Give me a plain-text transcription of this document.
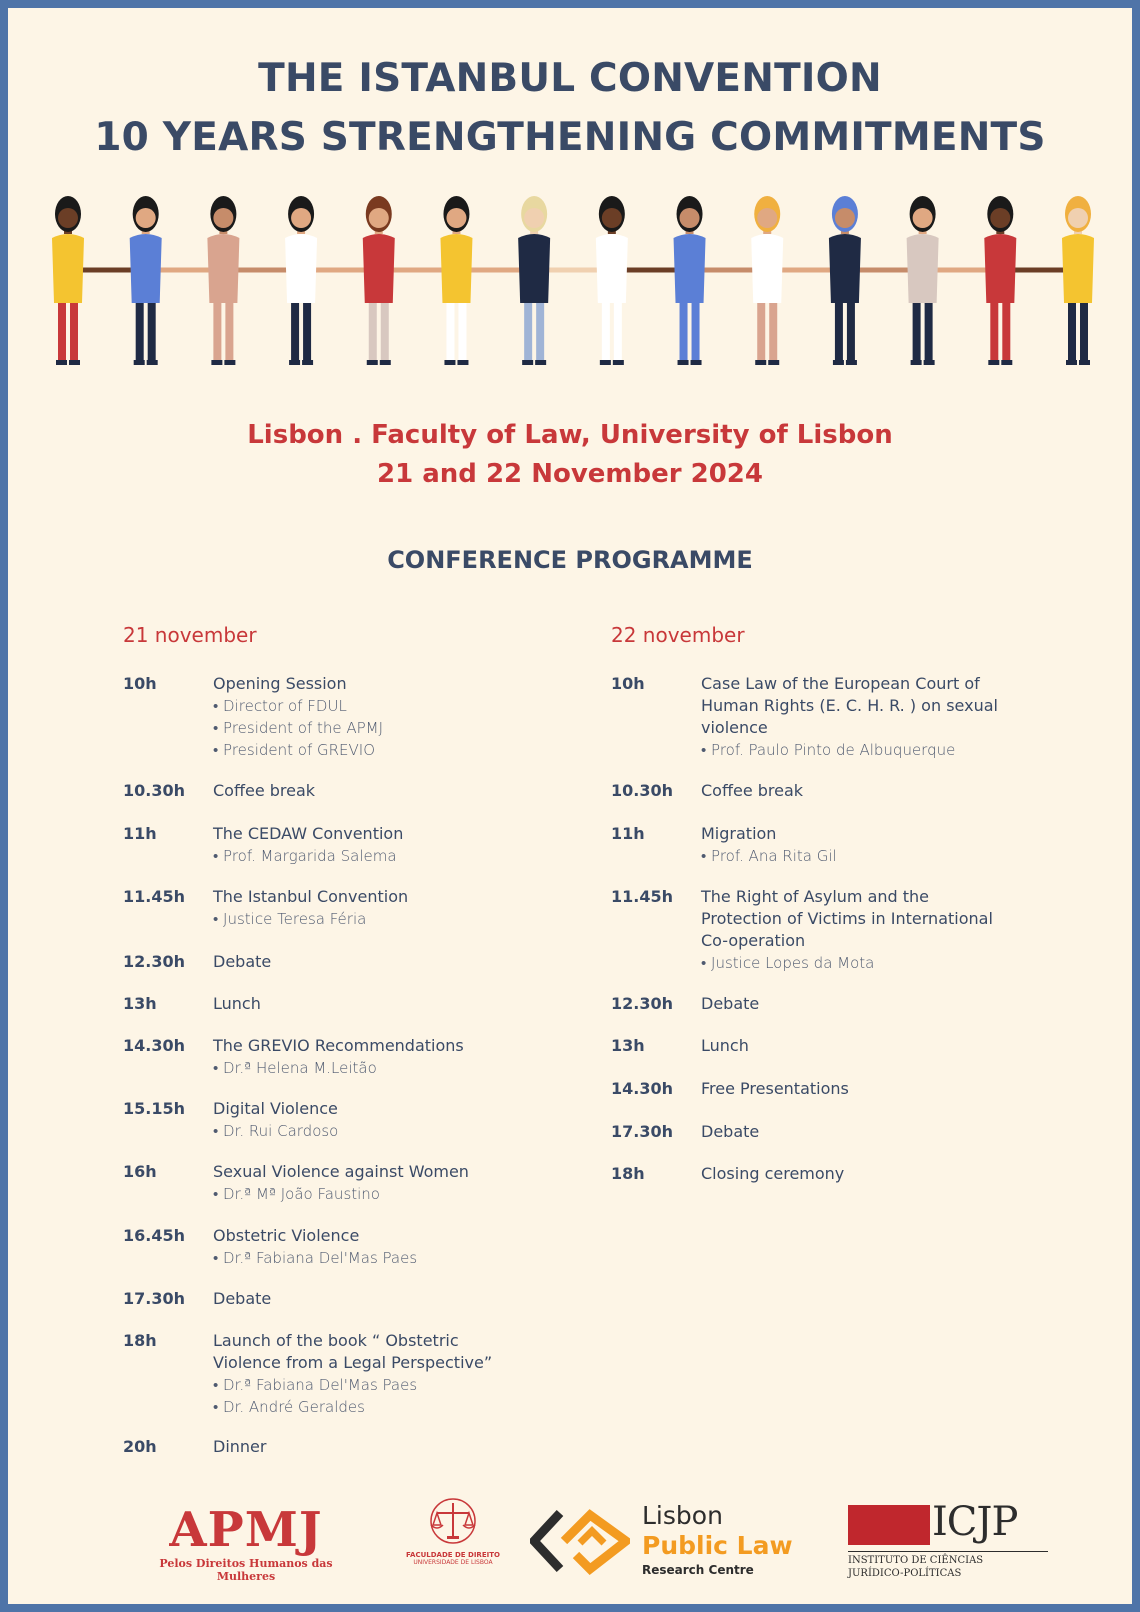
THE ISTANBUL CONVENTION
10 YEARS STRENGTHENING COMMITMENTS
Lisbon . Faculty of Law, University of Lisbon
21 and 22 November 2024
CONFERENCE PROGRAMME
21 november	22 november
10h	Opening Session
• Director of FDUL
• President of the APMJ
• President of GREVIO
10.30h Coffee break
11h	The CEDAW Convention
• Prof. Margarida Salema
11.45h The Istanbul Convention
• Justice Teresa Féria
12.30h Debate
13h	Lunch
14.30h The GREVIO Recommendations
• Dr.ª Helena M.Leitão
15.15h Digital Violence
• Dr. Rui Cardoso
16h	Sexual Violence against Women
• Dr.ª Mª João Faustino
16.45h Obstetric Violence
• Dr.ª Fabiana Del'Mas Paes
17.30h Debate
18h	Launch of the book “ Obstetric Violence from a Legal Perspective”
• Dr.ª Fabiana Del'Mas Paes
• Dr. André Geraldes
20h	Dinner
10h	Case Law of the European Court of Human Rights (E. C. H. R. ) on sexual violence
• Prof. Paulo Pinto de Albuquerque
10.30h Coffee break
11h	Migration
• Prof. Ana Rita Gil
11.45h The Right of Asylum and the Protection of Victims in International Co-operation
• Justice Lopes da Mota
12.30h Debate
13h	Lunch
14.30h Free Presentations
17.30h Debate
18h	Closing ceremony
APMJ
Pelos Direitos Humanos das Mulheres
FACULDADE DE DIREITO
UNIVERSIDADE DE LISBOA
Lisbon
Public Law
Research Centre
ICJP
INSTITUTO DE CIÊNCIAS
JURÍDICO-POLÍTICAS
